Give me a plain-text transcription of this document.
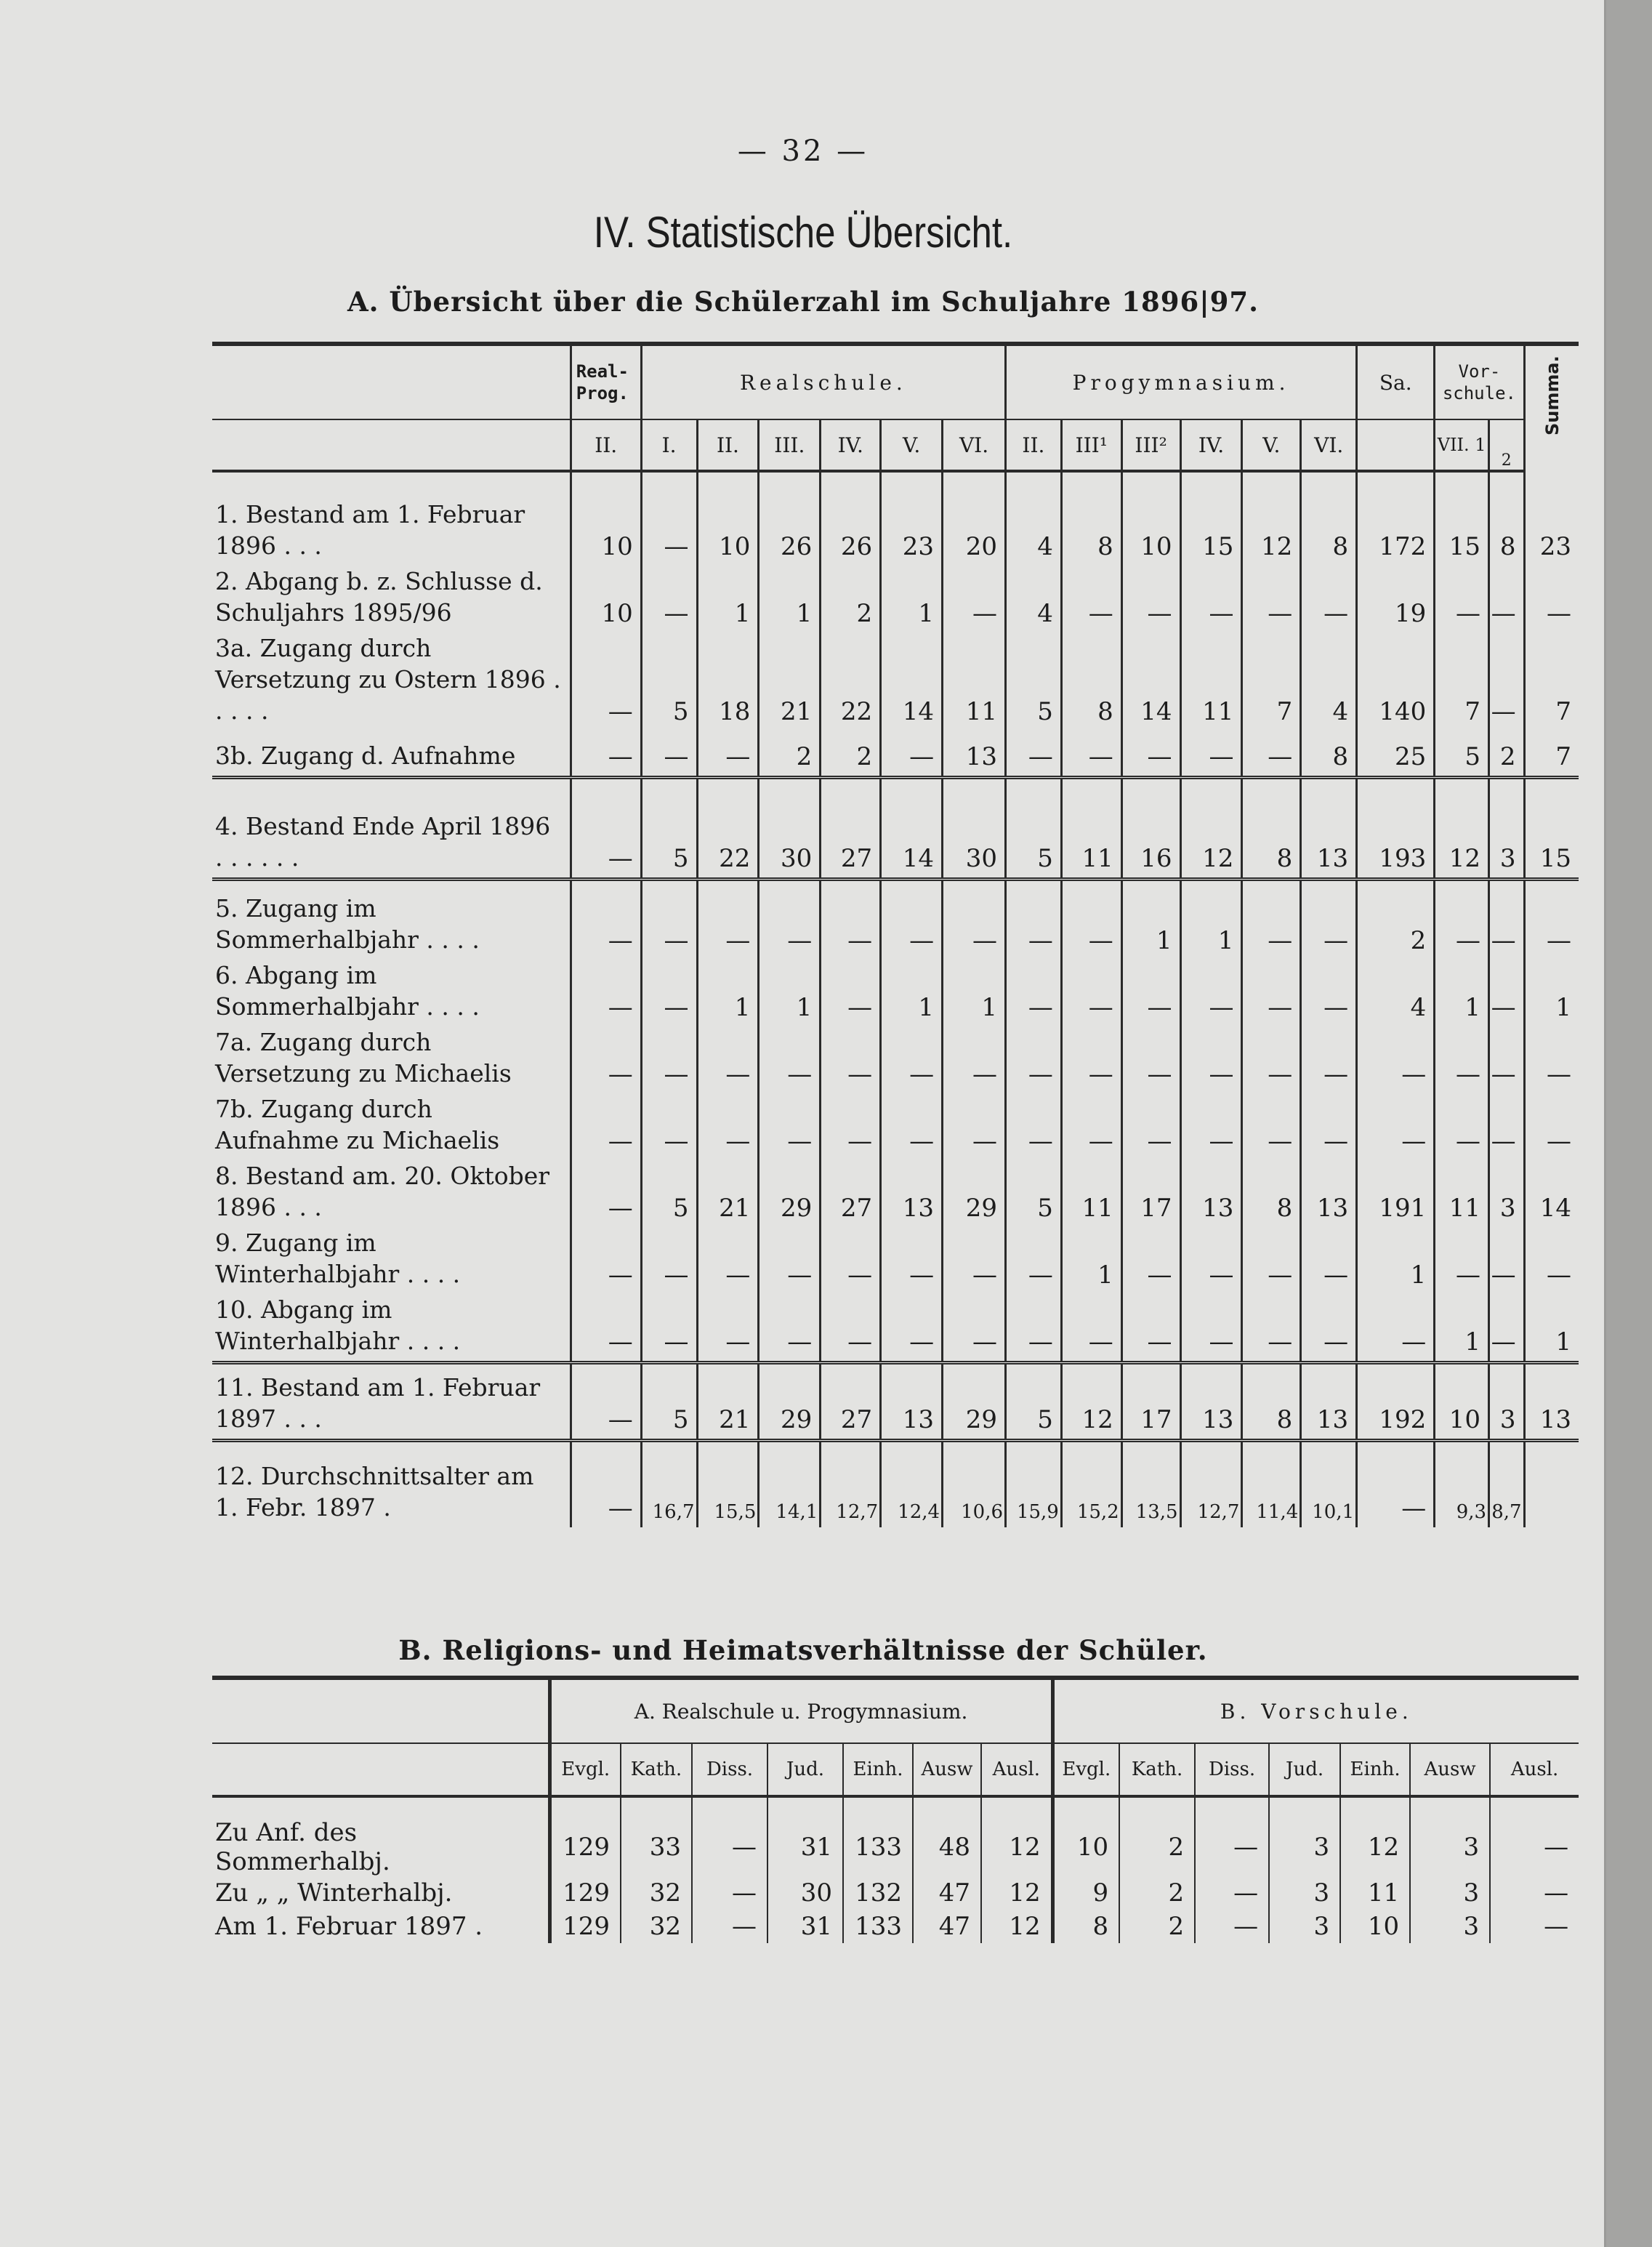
— 32 —
IV. Statistische Übersicht.
A. Übersicht über die Schülerzahl im Schuljahre 1896|97.
	Real-Prog.	Realschule.						Progymnasium.						Sa.	Vor-schule.		Summa.

	II.	I.	II.	III.	IV.	V.	VI.	II.	III¹	III²	IV.	V.	VI.		VII. 1	2	
1. Bestand am 1. Februar 1896 . . .	10	—	10	26	26	23	20	4	8	10	15	12	8	172	15	8	23
2. Abgang b. z. Schlusse d. Schuljahrs 1895/96	10	—	1	1	2	1	—	4	—	—	—	—	—	19	—	—	—
3a. Zugang durch Versetzung zu Ostern 1896 . . . . .	—	5	18	21	22	14	11	5	8	14	11	7	4	140	7	—	7
3b. Zugang d. Aufnahme	—	—	—	2	2	—	13	—	—	—	—	—	8	25	5	2	7
4. Bestand Ende April 1896 . . . . . .	—	5	22	30	27	14	30	5	11	16	12	8	13	193	12	3	15
5. Zugang im Sommerhalbjahr . . . .	—	—	—	—	—	—	—	—	—	1	1	—	—	2	—	—	—
6. Abgang im Sommerhalbjahr . . . .	—	—	1	1	—	1	1	—	—	—	—	—	—	4	1	—	1
7a. Zugang durch Versetzung zu Michaelis	—	—	—	—	—	—	—	—	—	—	—	—	—	—	—	—	—
7b. Zugang durch Aufnahme zu Michaelis	—	—	—	—	—	—	—	—	—	—	—	—	—	—	—	—	—
8. Bestand am. 20. Oktober 1896 . . .	—	5	21	29	27	13	29	5	11	17	13	8	13	191	11	3	14
9. Zugang im Winterhalbjahr . . . .	—	—	—	—	—	—	—	—	1	—	—	—	—	1	—	—	—
10. Abgang im Winterhalbjahr . . . .	—	—	—	—	—	—	—	—	—	—	—	—	—	—	1	—	1
11. Bestand am 1. Februar 1897 . . .	—	5	21	29	27	13	29	5	12	17	13	8	13	192	10	3	13
12. Durchschnittsalter am 1. Febr. 1897 .	—	16,7	15,5	14,1	12,7	12,4	10,6	15,9	15,2	13,5	12,7	11,4	10,1	—	9,3	8,7	
B. Religions- und Heimatsverhältnisse der Schüler.
	A. Realschule u. Progymnasium.							B. Vorschule.						
	Evgl.	Kath.	Diss.	Jud.	Einh.	Ausw	Ausl.	Evgl.	Kath.	Diss.	Jud.	Einh.	Ausw	Ausl.
Zu Anf. des Sommerhalbj.	129	33	—	31	133	48	12	10	2	—	3	12	3	—
Zu „ „ Winterhalbj.	129	32	—	30	132	47	12	9	2	—	3	11	3	—
Am 1. Februar 1897 .	129	32	—	31	133	47	12	8	2	—	3	10	3	—
